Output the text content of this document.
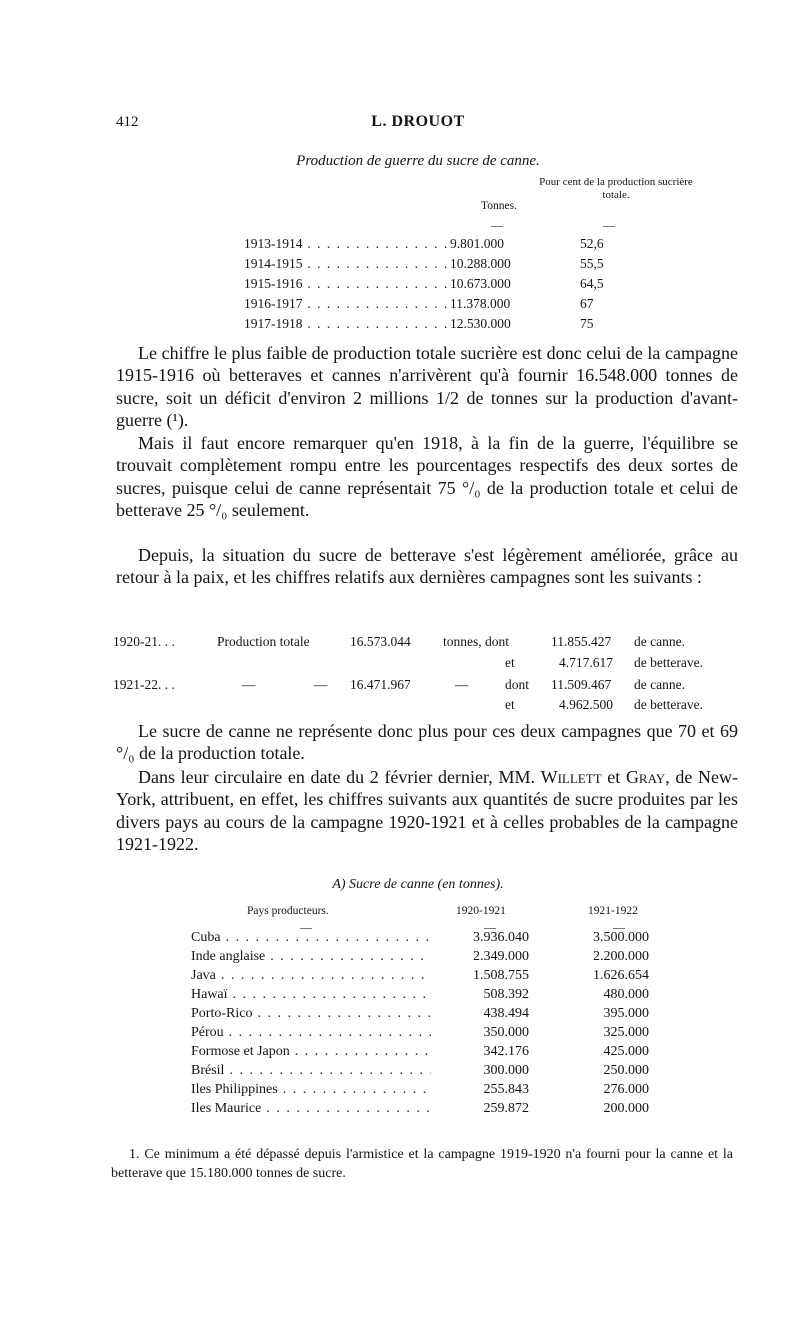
412	L. DROUOT
Production de guerre du sucre de canne.
Tonnes.
Pour cent de la production sucrière totale.
—	—
1913-1914 . . .	9.801.000	52,6
1914-1915 . . .	10.288.000	55,5
1915-1916 . . .	10.673.000	64,5
1916-1917 . . .	11.378.000	67
1917-1918 . . .	12.530.000	75

Le chiffre le plus faible de production totale sucrière est donc celui de la campagne 1915-1916 où betteraves et cannes n'arrivèrent qu'à fournir 16.548.000 tonnes de sucre, soit un déficit d'environ 2 millions 1/2 de tonnes sur la production d'avant-guerre (¹).

Mais il faut encore remarquer qu'en 1918, à la fin de la guerre, l'équilibre se trouvait complètement rompu entre les pourcentages respectifs des deux sortes de sucres, puisque celui de canne représentait 75 °/₀ de la production totale et celui de betterave 25 °/₀ seulement.

Depuis, la situation du sucre de betterave s'est légèrement améliorée, grâce au retour à la paix, et les chiffres relatifs aux dernières campagnes sont les suivants :

1920-21. . .	Production totale	16.573.044 tonnes, dont	11.855.427 de canne.
et	4.717.617 de betterave.
1921-22. . .	—	— 16.471.967	—	dont 11.509.467 de canne.
et	4.962.500 de betterave.

Le sucre de canne ne représente donc plus pour ces deux campagnes que 70 et 69 °/₀ de la production totale.

Dans leur circulaire en date du 2 février dernier, MM. Willett et Gray, de New-York, attribuent, en effet, les chiffres suivants aux quantités de sucre produites par les divers pays au cours de la campagne 1920-1921 et à celles probables de la campagne 1921-1922.

A) Sucre de canne (en tonnes).
Pays producteurs.	1920-1921	1921-1922
—	—	—
Cuba . . .	3.936.040	3.500.000
Inde anglaise . . .	2.349.000	2.200.000
Java . . .	1.508.755	1.626.654
Hawaï . . .	508.392	480.000
Porto-Rico . . .	438.494	395.000
Pérou . . .	350.000	325.000
Formose et Japon . . .	342.176	425.000
Brésil . . .	300.000	250.000
Iles Philippines . . .	255.843	276.000
Iles Maurice . . .	259.872	200.000

1. Ce minimum a été dépassé depuis l'armistice et la campagne 1919-1920 n'a fourni pour la canne et la betterave que 15.180.000 tonnes de sucre.
